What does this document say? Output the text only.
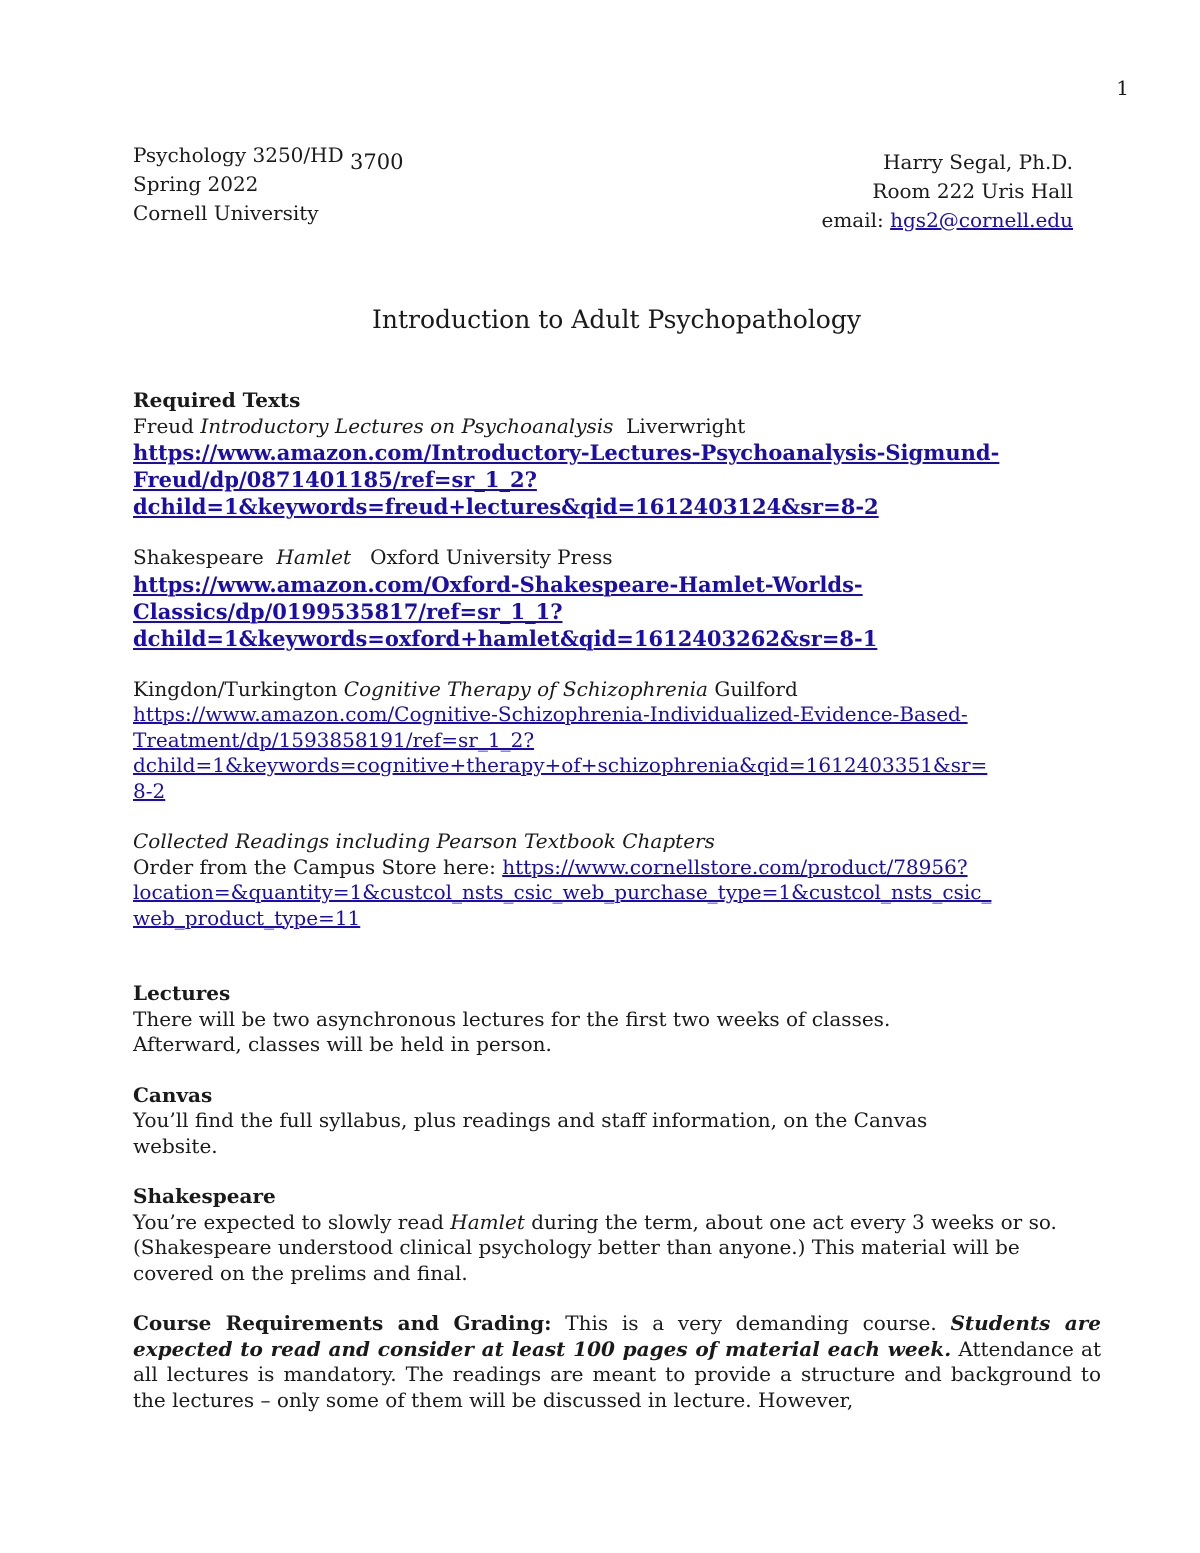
1
Psychology 3250/HD 3700
Spring 2022
Cornell University
Harry Segal, Ph.D.
Room 222 Uris Hall
email: hgs2@cornell.edu
Introduction to Adult Psychopathology

Required Texts

Freud Introductory Lectures on Psychoanalysis  Liverwright

https://www.amazon.com/Introductory-Lectures-Psychoanalysis-Sigmund-
Freud/dp/0871401185/ref=sr_1_2?
dchild=1&keywords=freud+lectures&qid=1612403124&sr=8-2

Shakespeare  Hamlet   Oxford University Press

https://www.amazon.com/Oxford-Shakespeare-Hamlet-Worlds-
Classics/dp/0199535817/ref=sr_1_1?
dchild=1&keywords=oxford+hamlet&qid=1612403262&sr=8-1

Kingdon/Turkington Cognitive Therapy of Schizophrenia Guilford

https://www.amazon.com/Cognitive-Schizophrenia-Individualized-Evidence-Based-
Treatment/dp/1593858191/ref=sr_1_2?
dchild=1&keywords=cognitive+therapy+of+schizophrenia&qid=1612403351&sr=
8-2

Collected Readings including Pearson Textbook Chapters

Order from the Campus Store here: https://www.cornellstore.com/product/78956?
location=&quantity=1&custcol_nsts_csic_web_purchase_type=1&custcol_nsts_csic_
web_product_type=11

Lectures

There will be two asynchronous lectures for the first two weeks of classes.

Afterward, classes will be held in person.

Canvas

You’ll find the full syllabus, plus readings and staff information, on the Canvas website.

Shakespeare

You’re expected to slowly read Hamlet during the term, about one act every 3 weeks or so. (Shakespeare understood clinical psychology better than anyone.) This material will be covered on the prelims and final.

Course Requirements and Grading: This is a very demanding course. Students are expected to read and consider at least 100 pages of material each week. Attendance at all lectures is mandatory. The readings are meant to provide a structure and background to the lectures – only some of them will be discussed in lecture. However,
